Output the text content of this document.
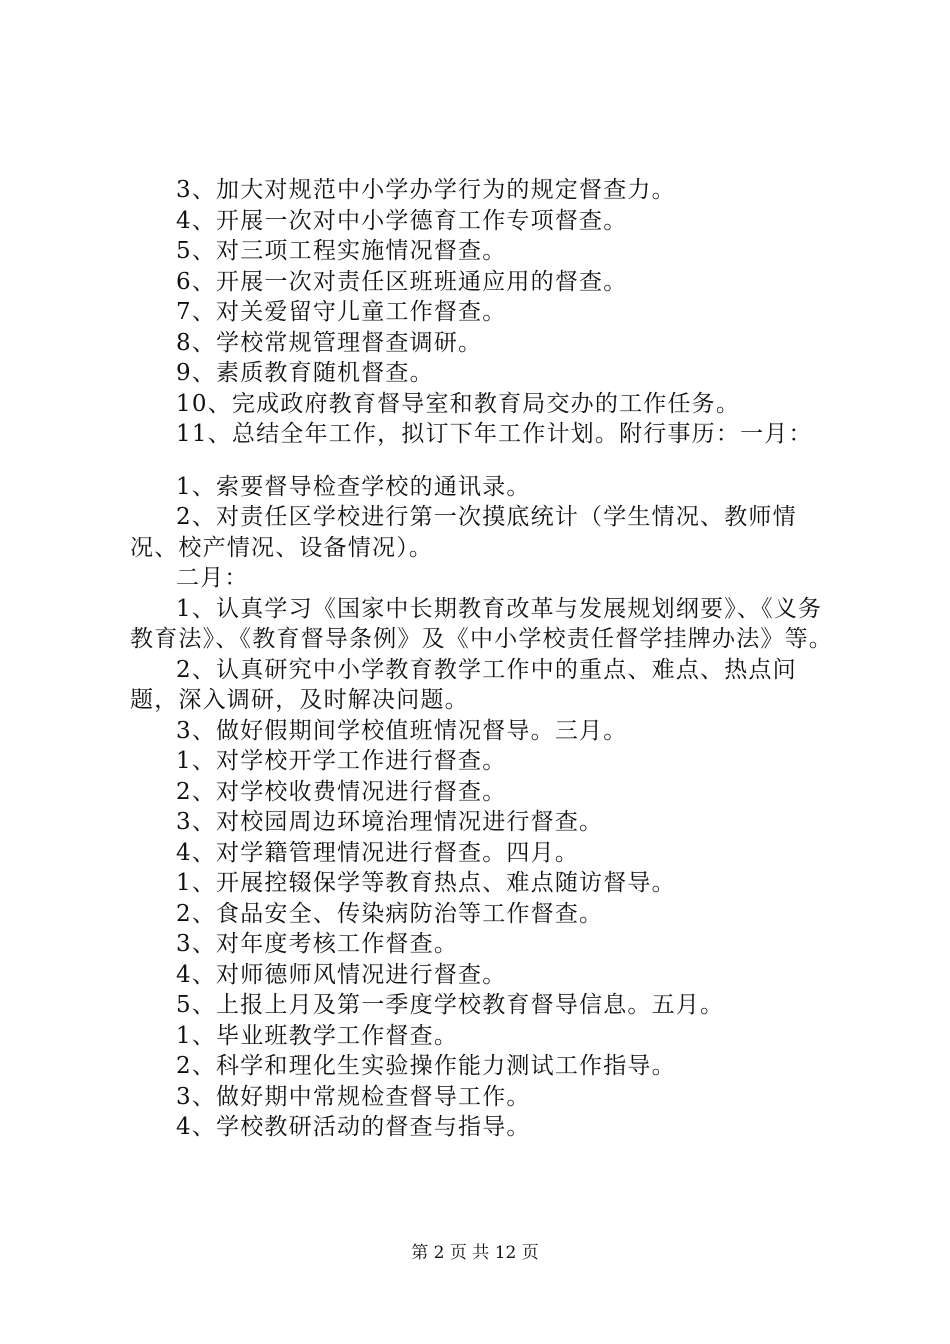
3、加大对规范中小学办学行为的规定督查力。

4、开展一次对中小学德育工作专项督查。

5、对三项工程实施情况督查。

6、开展一次对责任区班班通应用的督查。

7、对关爱留守儿童工作督查。

8、学校常规管理督查调研。

9、素质教育随机督查。

10、完成政府教育督导室和教育局交办的工作任务。

11、总结全年工作，拟订下年工作计划。附行事历：一月：

1、索要督导检查学校的通讯录。

2、对责任区学校进行第一次摸底统计（学生情况、教师情况、校产情况、设备情况）。

二月：

1、认真学习《国家中长期教育改革与发展规划纲要》、《义务教育法》、《教育督导条例》及《中小学校责任督学挂牌办法》等。

2、认真研究中小学教育教学工作中的重点、难点、热点问题，深入调研，及时解决问题。

3、做好假期间学校值班情况督导。三月。

1、对学校开学工作进行督查。

2、对学校收费情况进行督查。

3、对校园周边环境治理情况进行督查。

4、对学籍管理情况进行督查。四月。

1、开展控辍保学等教育热点、难点随访督导。

2、食品安全、传染病防治等工作督查。

3、对年度考核工作督查。

4、对师德师风情况进行督查。

5、上报上月及第一季度学校教育督导信息。五月。

1、毕业班教学工作督查。

2、科学和理化生实验操作能力测试工作指导。

3、做好期中常规检查督导工作。

4、学校教研活动的督查与指导。

第 2 页 共 12 页
